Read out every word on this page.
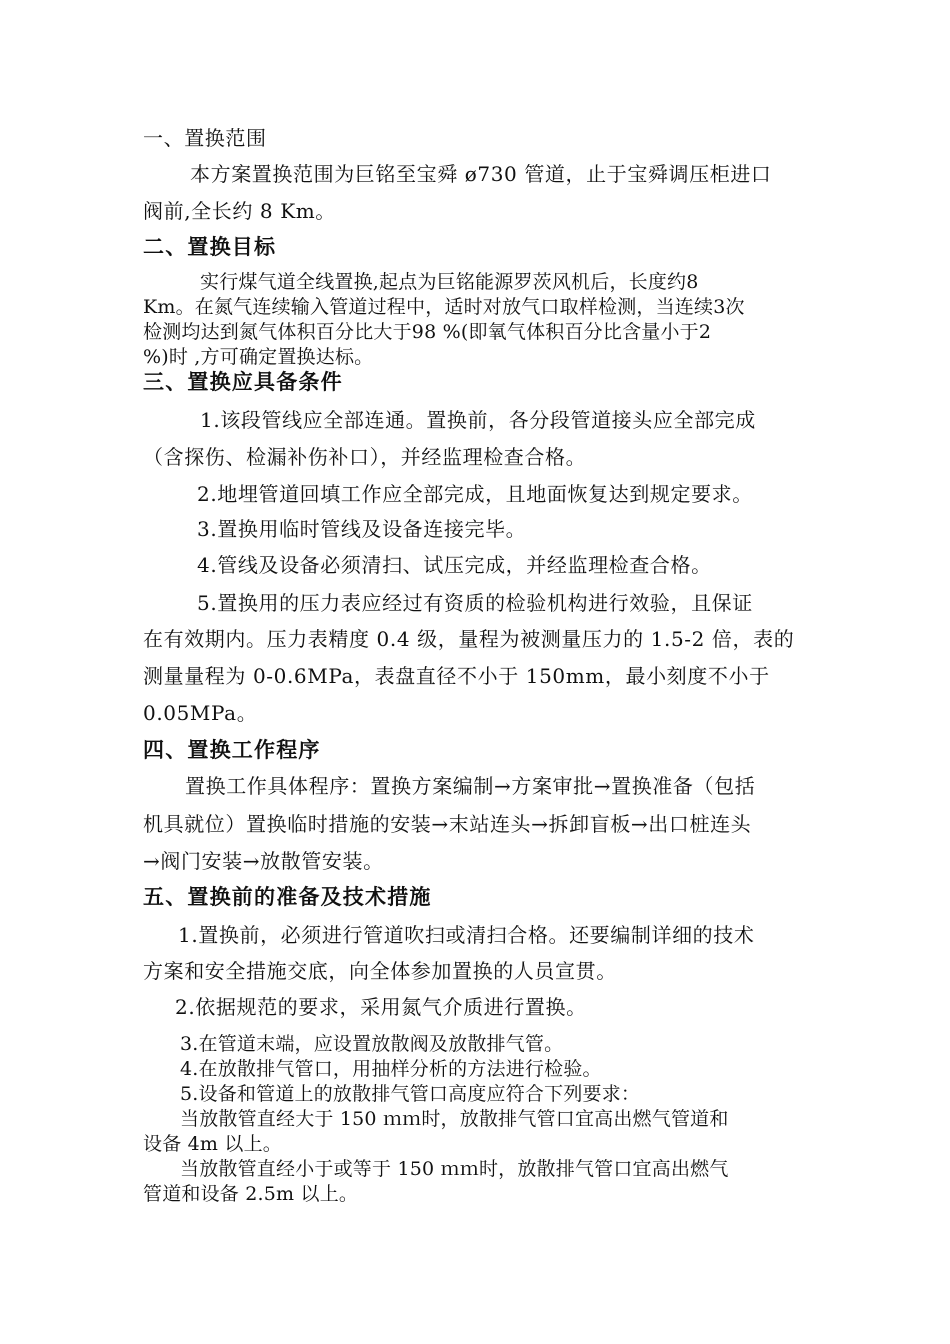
一、置换范围
本方案置换范围为巨铭至宝舜 ø730 管道，止于宝舜调压柜进口
阀前,全长约 8 Km。
二、置换目标
实行煤气道全线置换,起点为巨铭能源罗茨风机后，长度约8
Km。在氮气连续输入管道过程中，适时对放气口取样检测，当连续3次
检测均达到氮气体积百分比大于98 %(即氧气体积百分比含量小于2
%)时 ,方可确定置换达标。
三、置换应具备条件
1.该段管线应全部连通。置换前，各分段管道接头应全部完成
（含探伤、检漏补伤补口），并经监理检查合格。
2.地埋管道回填工作应全部完成，且地面恢复达到规定要求。
3.置换用临时管线及设备连接完毕。
4.管线及设备必须清扫、试压完成，并经监理检查合格。
5.置换用的压力表应经过有资质的检验机构进行效验，且保证
在有效期内。压力表精度 0.4 级，量程为被测量压力的 1.5-2 倍，表的
测量量程为 0-0.6MPa，表盘直径不小于 150mm，最小刻度不小于
0.05MPa。
四、置换工作程序
置换工作具体程序：置换方案编制→方案审批→置换准备（包括
机具就位）置换临时措施的安装→末站连头→拆卸盲板→出口桩连头
→阀门安装→放散管安装。
五、置换前的准备及技术措施
1.置换前，必须进行管道吹扫或清扫合格。还要编制详细的技术
方案和安全措施交底，向全体参加置换的人员宣贯。
2.依据规范的要求，采用氮气介质进行置换。
3.在管道末端，应设置放散阀及放散排气管。
4.在放散排气管口，用抽样分析的方法进行检验。
5.设备和管道上的放散排气管口高度应符合下列要求：
当放散管直经大于 150 ｍｍ时，放散排气管口宜高出燃气管道和
设备 4m 以上。
当放散管直经小于或等于 150 ｍｍ时，放散排气管口宜高出燃气
管道和设备 2.5m 以上。
